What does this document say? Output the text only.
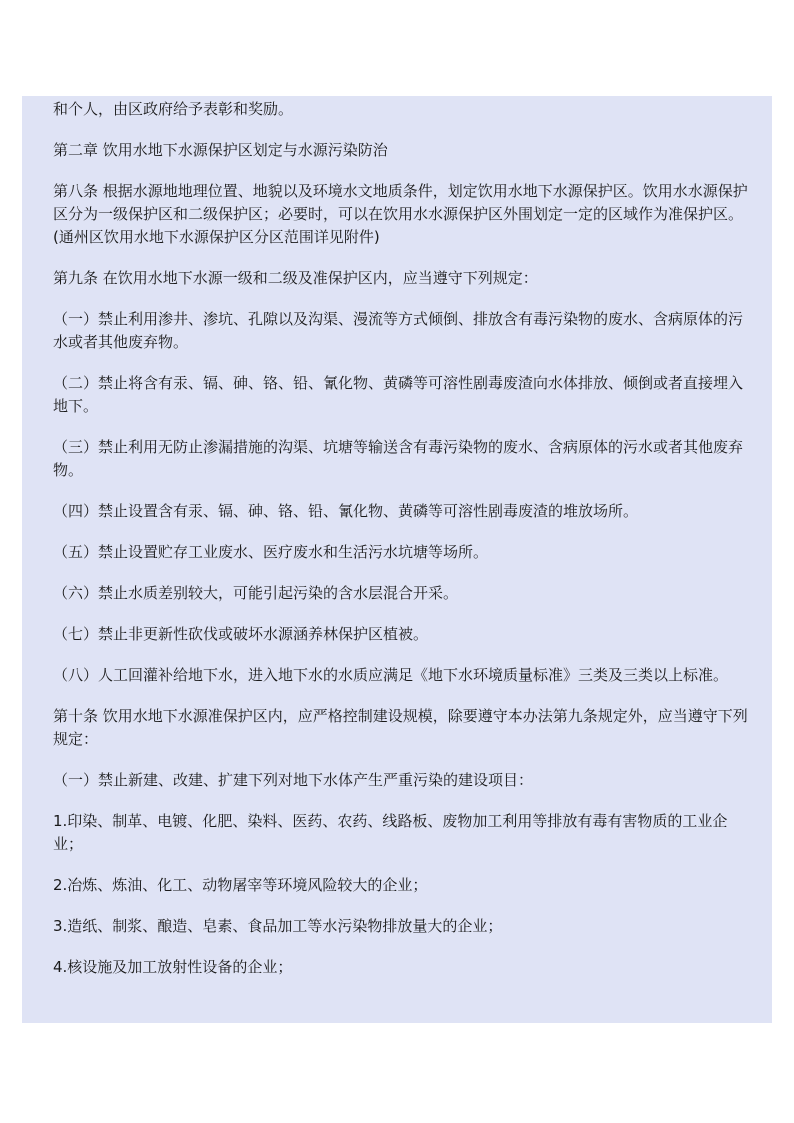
和个人，由区政府给予表彰和奖励。

第二章 饮用水地下水源保护区划定与水源污染防治

第八条 根据水源地地理位置、地貌以及环境水文地质条件，划定饮用水地下水源保护区。饮用水水源保护区分为一级保护区和二级保护区；必要时，可以在饮用水水源保护区外围划定一定的区域作为准保护区。(通州区饮用水地下水源保护区分区范围详见附件)

第九条 在饮用水地下水源一级和二级及准保护区内，应当遵守下列规定：

（一）禁止利用渗井、渗坑、孔隙以及沟渠、漫流等方式倾倒、排放含有毒污染物的废水、含病原体的污水或者其他废弃物。

（二）禁止将含有汞、镉、砷、铬、铅、氰化物、黄磷等可溶性剧毒废渣向水体排放、倾倒或者直接埋入地下。

（三）禁止利用无防止渗漏措施的沟渠、坑塘等输送含有毒污染物的废水、含病原体的污水或者其他废弃物。

（四）禁止设置含有汞、镉、砷、铬、铅、氰化物、黄磷等可溶性剧毒废渣的堆放场所。

（五）禁止设置贮存工业废水、医疗废水和生活污水坑塘等场所。

（六）禁止水质差别较大，可能引起污染的含水层混合开采。

（七）禁止非更新性砍伐或破坏水源涵养林保护区植被。

（八）人工回灌补给地下水，进入地下水的水质应满足《地下水环境质量标准》三类及三类以上标准。

第十条 饮用水地下水源准保护区内，应严格控制建设规模，除要遵守本办法第九条规定外，应当遵守下列规定：

（一）禁止新建、改建、扩建下列对地下水体产生严重污染的建设项目：

1.印染、制革、电镀、化肥、染料、医药、农药、线路板、废物加工利用等排放有毒有害物质的工业企业；

2.冶炼、炼油、化工、动物屠宰等环境风险较大的企业；

3.造纸、制浆、酿造、皂素、食品加工等水污染物排放量大的企业；

4.核设施及加工放射性设备的企业；
